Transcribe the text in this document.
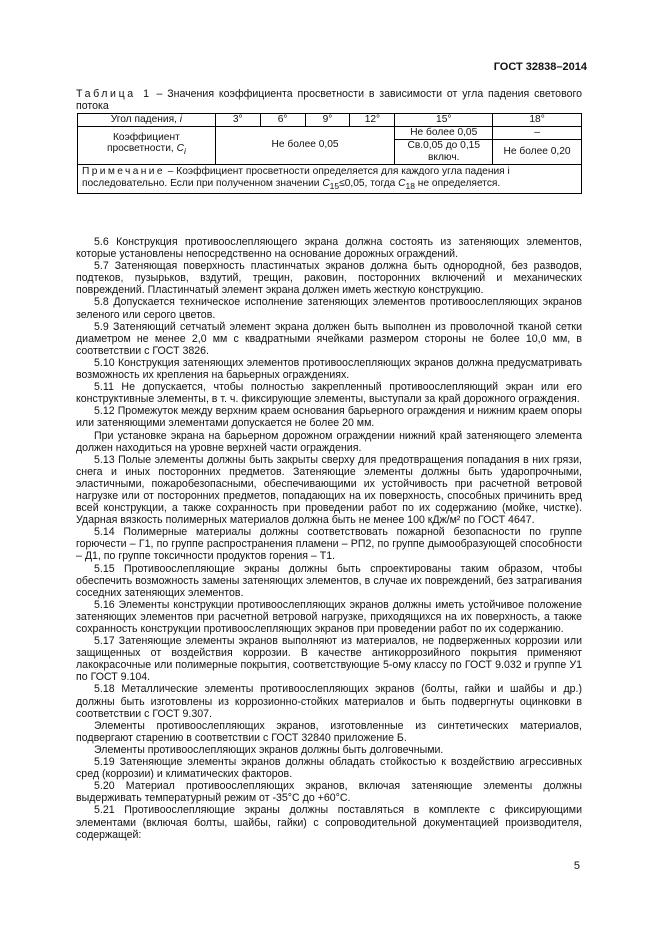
ГОСТ 32838–2014
Таблица 1 – Значения коэффициента просветности в зависимости от угла падения светового потока
Угол падения, i	3°	6°	9°	12°	15°	18°
Коэффициент просветности, $C_i$	Не более 0,05				Не более 0,05	–
					Св.0,05 до 0,15 включ.	Не более 0,20
Примечание – Коэффициент просветности определяется для каждого угла падения i последовательно. Если при полученном значении $C_{15}\le 0,05$, тогда $C_{18}$ не определяется.						

5.6 Конструкция противоослепляющего экрана должна состоять из затеняющих элементов, которые установлены непосредственно на основание дорожных ограждений.

5.7 Затеняющая поверхность пластинчатых экранов должна быть однородной, без разводов, подтеков, пузырьков, вздутий, трещин, раковин, посторонних включений и механических повреждений. Пластинчатый элемент экрана должен иметь жесткую конструкцию.

5.8 Допускается техническое исполнение затеняющих элементов противоослепляющих экранов зеленого или серого цветов.

5.9 Затеняющий сетчатый элемент экрана должен быть выполнен из проволочной тканой сетки диаметром не менее 2,0 мм с квадратными ячейками размером стороны не более 10,0 мм, в соответствии с ГОСТ 3826.

5.10 Конструкция затеняющих элементов противоослепляющих экранов должна предусматривать возможность их крепления на барьерных ограждениях.

5.11 Не допускается, чтобы полностью закрепленный противоослепляющий экран или его конструктивные элементы, в т. ч. фиксирующие элементы, выступали за край дорожного ограждения.

5.12 Промежуток между верхним краем основания барьерного ограждения и нижним краем опоры или затеняющими элементами допускается не более 20 мм.

При установке экрана на барьерном дорожном ограждении нижний край затеняющего элемента должен находиться на уровне верхней части ограждения.

5.13 Полые элементы должны быть закрыты сверху для предотвращения попадания в них грязи, снега и иных посторонних предметов. Затеняющие элементы должны быть ударопрочными, эластичными, пожаробезопасными, обеспечивающими их устойчивость при расчетной ветровой нагрузке или от посторонних предметов, попадающих на их поверхность, способных причинить вред всей конструкции, а также сохранность при проведении работ по их содержанию (мойке, чистке). Ударная вязкость полимерных материалов должна быть не менее 100 кДж/м² по ГОСТ 4647.

5.14 Полимерные материалы должны соответствовать пожарной безопасности по группе горючести – Г1, по группе распространения пламени – РП2, по группе дымообразующей способности – Д1, по группе токсичности продуктов горения – Т1.

5.15 Противоослепляющие экраны должны быть спроектированы таким образом, чтобы обеспечить возможность замены затеняющих элементов, в случае их повреждений, без затрагивания соседних затеняющих элементов.

5.16 Элементы конструкции противоослепляющих экранов должны иметь устойчивое положение затеняющих элементов при расчетной ветровой нагрузке, приходящихся на их поверхность, а также сохранность конструкции противоослепляющих экранов при проведении работ по их содержанию.

5.17 Затеняющие элементы экранов выполняют из материалов, не подверженных коррозии или защищенных от воздействия коррозии. В качестве антикоррозийного покрытия применяют лакокрасочные или полимерные покрытия, соответствующие 5-ому классу по ГОСТ 9.032 и группе У1 по ГОСТ 9.104.

5.18 Металлические элементы противоослепляющих экранов (болты, гайки и шайбы и др.) должны быть изготовлены из коррозионно-стойких материалов и быть подвергнуты оцинковки в соответствии с ГОСТ 9.307.

Элементы противоослепляющих экранов, изготовленные из синтетических материалов, подвергают старению в соответствии с ГОСТ 32840 приложение Б.

Элементы противоослепляющих экранов должны быть долговечными.

5.19 Затеняющие элементы экранов должны обладать стойкостью к воздействию агрессивных сред (коррозии) и климатических факторов.

5.20 Материал противоослепляющих экранов, включая затеняющие элементы должны выдерживать температурный режим от -35°С до +60°С.

5.21 Противоослепляющие экраны должны поставляться в комплекте с фиксирующими элементами (включая болты, шайбы, гайки) с сопроводительной документацией производителя, содержащей:

5
